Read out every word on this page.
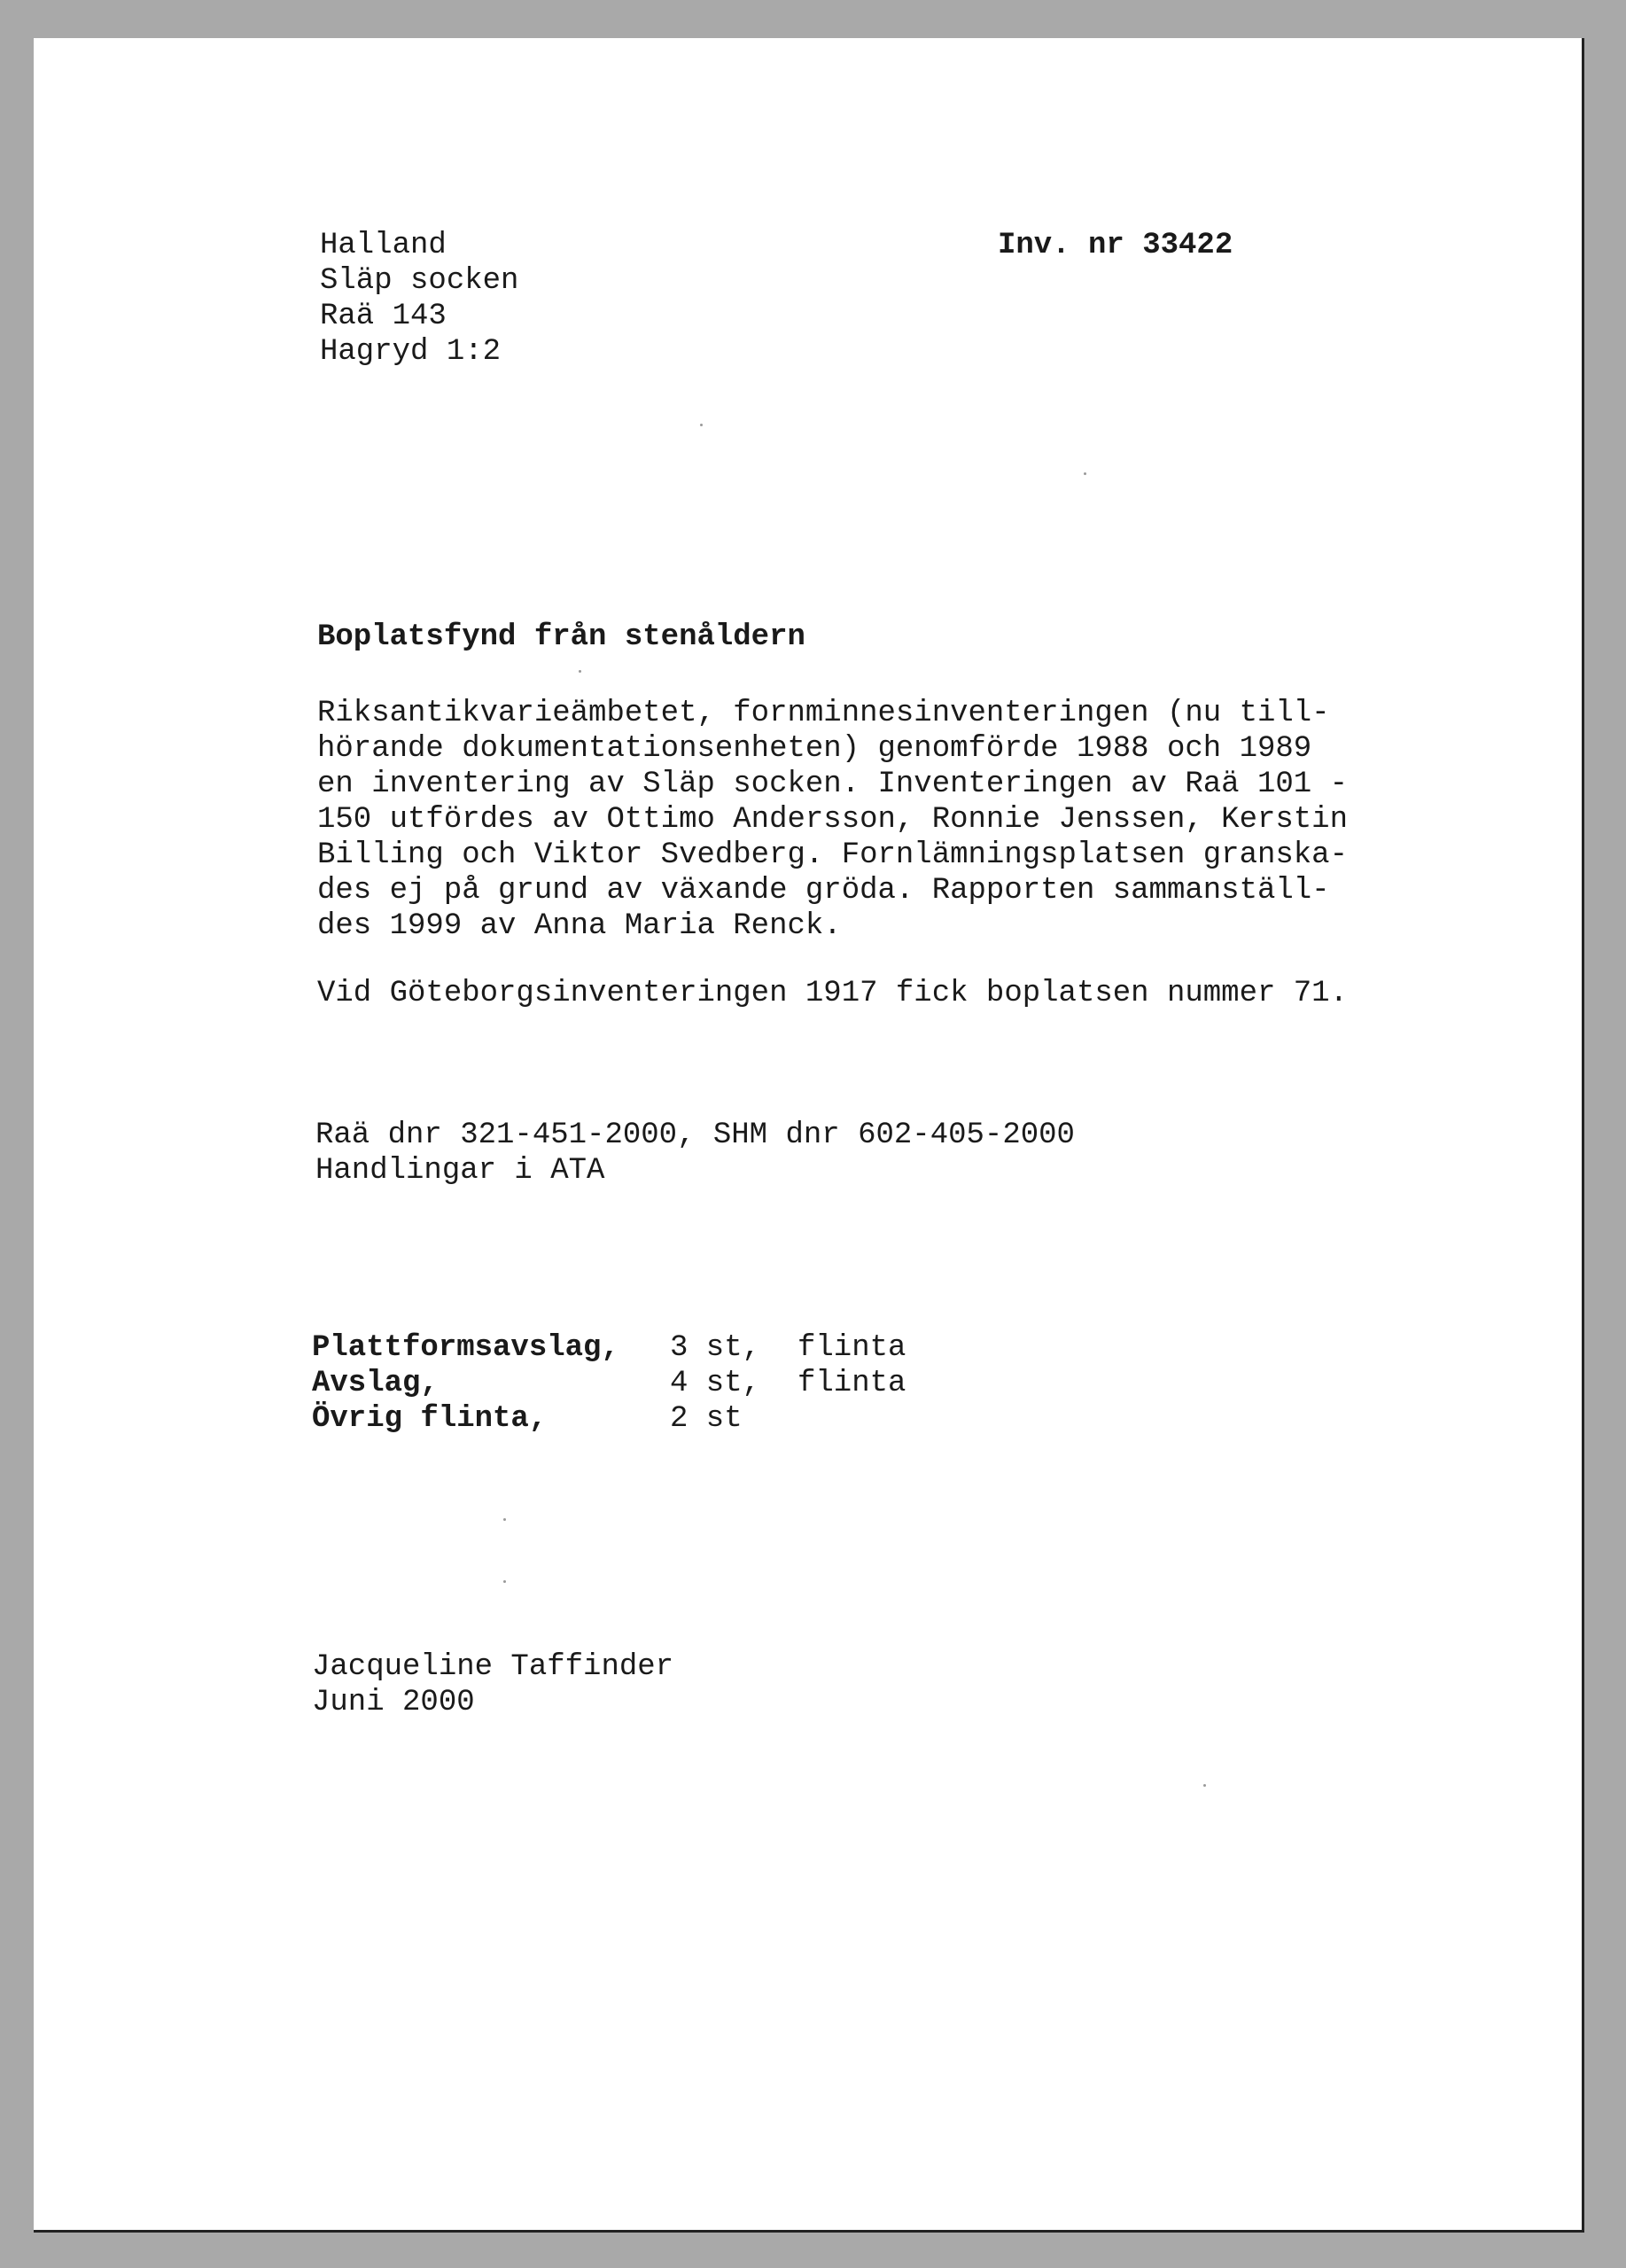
Halland

Släp socken

Raä 143

Hagryd 1:2

Inv. nr 33422

Boplatsfynd från stenåldern

Riksantikvarieämbetet, fornminnesinventeringen (nu till-

hörande dokumentationsenheten) genomförde 1988 och 1989

en inventering av Släp socken. Inventeringen av Raä 101 -

150 utfördes av Ottimo Andersson, Ronnie Jenssen, Kerstin

Billing och Viktor Svedberg. Fornlämningsplatsen granska-

des ej på grund av växande gröda. Rapporten sammanställ-

des 1999 av Anna Maria Renck.

Vid Göteborgsinventeringen 1917 fick boplatsen nummer 71.

Raä dnr 321-451-2000, SHM dnr 602-405-2000

Handlingar i ATA

Plattformsavslag, 3 st, flinta
Avslag,	4 st, flinta
Övrig flinta,	2 st

Jacqueline Taffinder

Juni 2000
